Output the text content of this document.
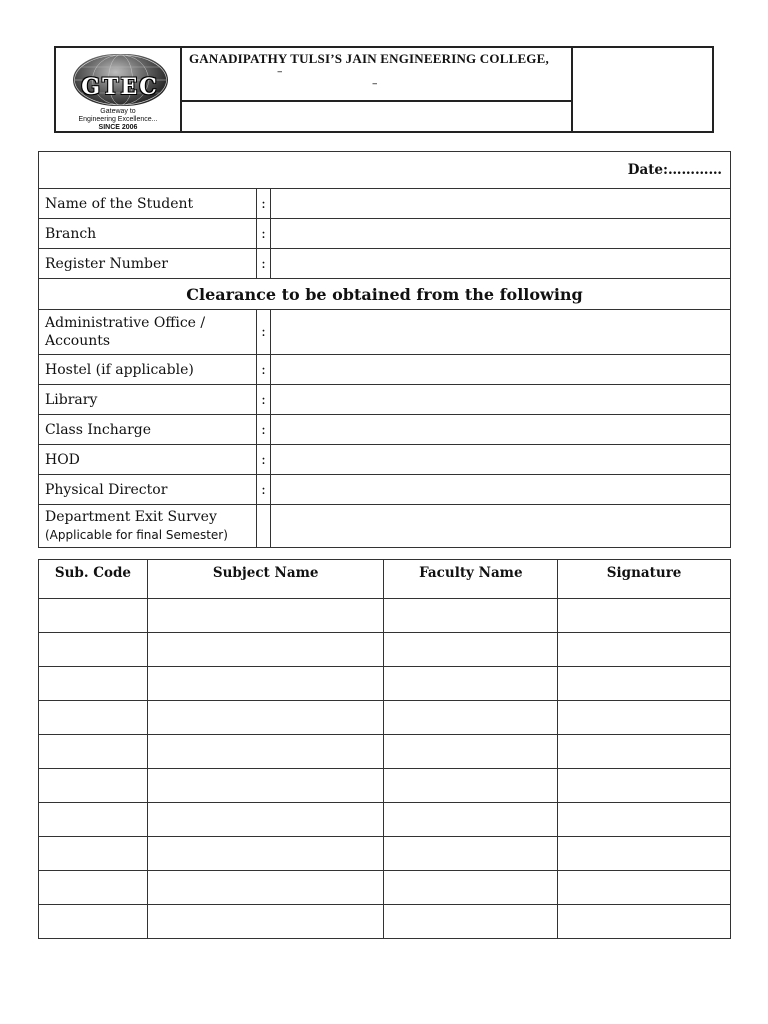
GTEC
Gateway to
Engineering Excellence...
SINCE 2006

GANADIPATHY TULSI’S JAIN ENGINEERING COLLEGE,
–
–

Date:…………		
Name of the Student	:	
Branch	:	
Register Number	:	
Clearance to be obtained from the following		

Administrative Office /
Accounts	:	
Hostel (if applicable)	:	
Library	:	
Class Incharge	:	
HOD	:	
Physical Director	:	

Department Exit Survey
(Applicable for final Semester)		

Sub. Code	Subject Name	Faculty Name	Signature
